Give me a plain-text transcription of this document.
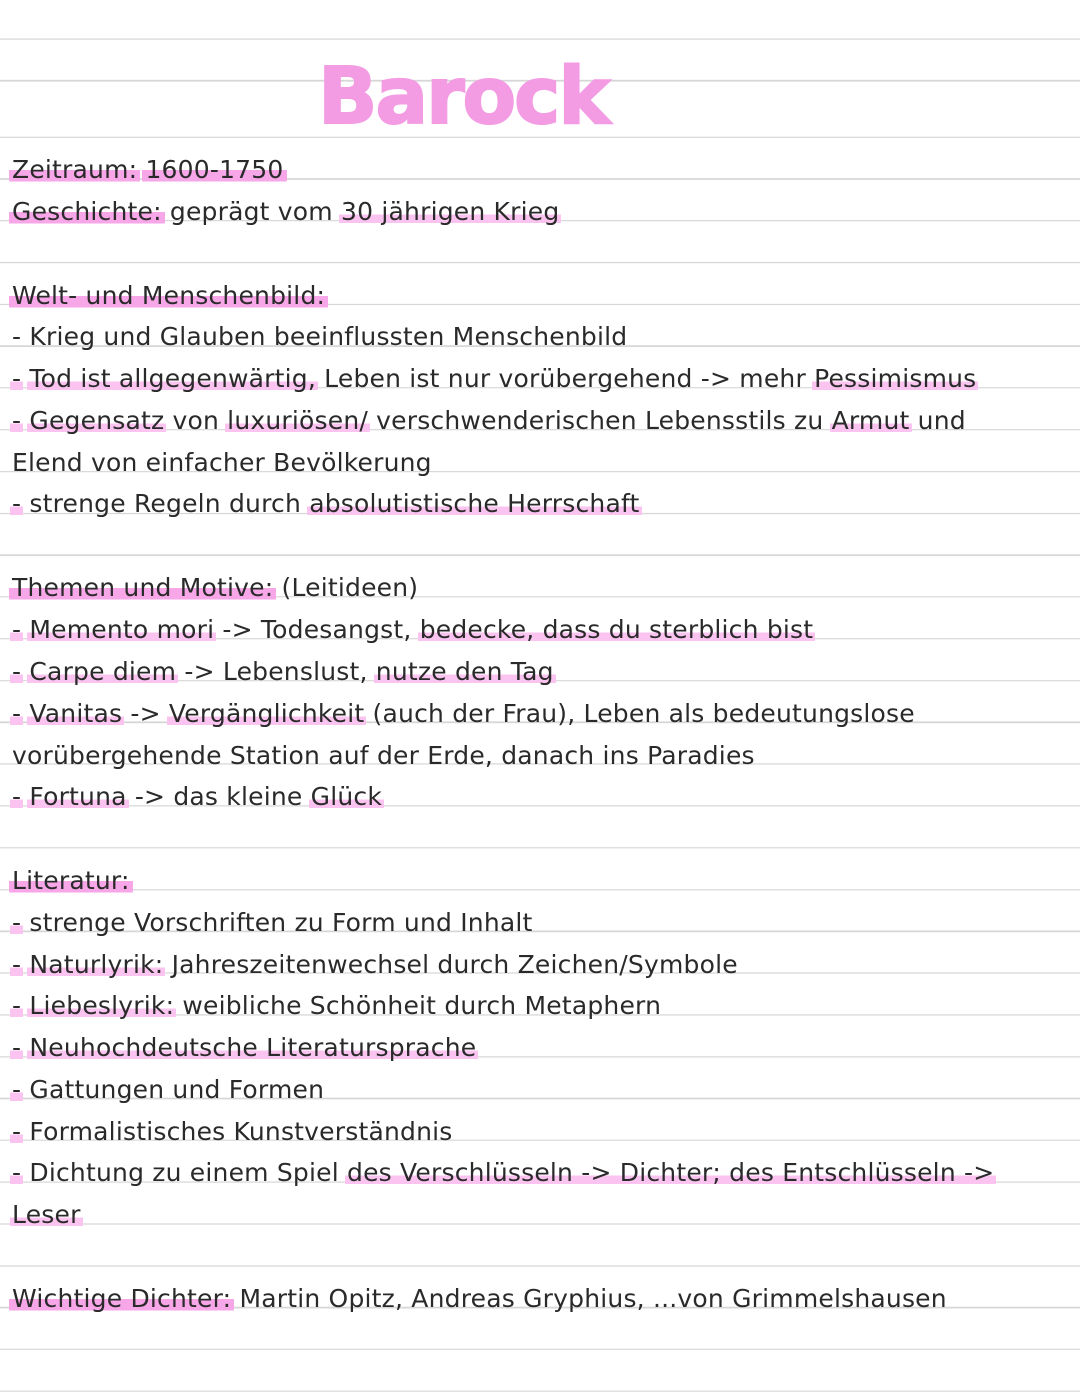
Barock
Zeitraum: 1600-1750
Geschichte: geprägt vom 30 jährigen Krieg
Welt- und Menschenbild:
- Krieg und Glauben beeinflussten Menschenbild
- Tod ist allgegenwärtig, Leben ist nur vorübergehend -> mehr Pessimismus
- Gegensatz von luxuriösen/ verschwenderischen Lebensstils zu Armut und
Elend von einfacher Bevölkerung
- strenge Regeln durch absolutistische Herrschaft
Themen und Motive: (Leitideen)
- Memento mori -> Todesangst, bedecke, dass du sterblich bist
- Carpe diem -> Lebenslust, nutze den Tag
- Vanitas -> Vergänglichkeit (auch der Frau), Leben als bedeutungslose
vorübergehende Station auf der Erde, danach ins Paradies
- Fortuna -> das kleine Glück
Literatur:
- strenge Vorschriften zu Form und Inhalt
- Naturlyrik: Jahreszeitenwechsel durch Zeichen/Symbole
- Liebeslyrik: weibliche Schönheit durch Metaphern
- Neuhochdeutsche Literatursprache
- Gattungen und Formen
- Formalistisches Kunstverständnis
- Dichtung zu einem Spiel des Verschlüsseln -> Dichter; des Entschlüsseln ->
Leser
Wichtige Dichter: Martin Opitz, Andreas Gryphius, ...von Grimmelshausen
